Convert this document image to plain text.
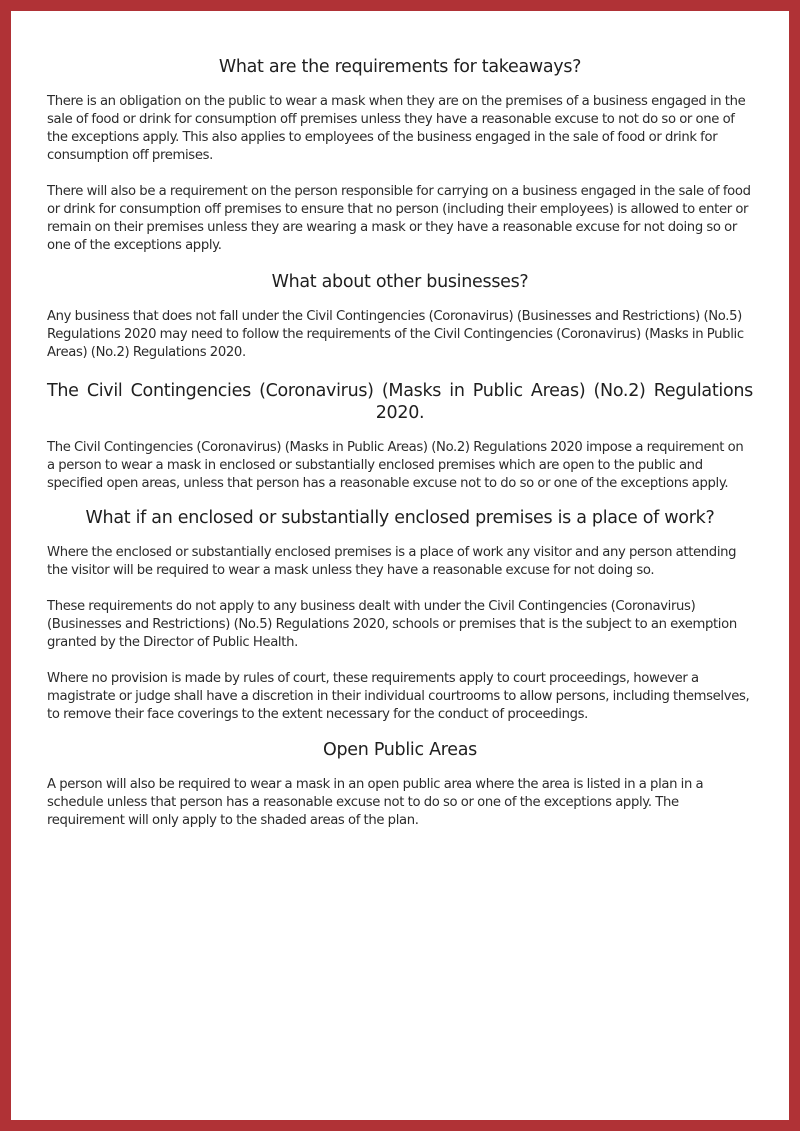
What are the requirements for takeaways?

There is an obligation on the public to wear a mask when they are on the premises of a business engaged in the sale of food or drink for consumption off premises unless they have a reasonable excuse to not do so or one of the exceptions apply. This also applies to employees of the business engaged in the sale of food or drink for consumption off premises.

There will also be a requirement on the person responsible for carrying on a business engaged in the sale of food or drink for consumption off premises to ensure that no person (including their employees) is allowed to enter or remain on their premises unless they are wearing a mask or they have a reasonable excuse for not doing so or one of the exceptions apply.

What about other businesses?

Any business that does not fall under the Civil Contingencies (Coronavirus) (Businesses and Restrictions) (No.5) Regulations 2020 may need to follow the requirements of the Civil Contingencies (Coronavirus) (Masks in Public Areas) (No.2) Regulations 2020.

The Civil Contingencies (Coronavirus) (Masks in Public Areas) (No.2) Regulations 2020.

The Civil Contingencies (Coronavirus) (Masks in Public Areas) (No.2) Regulations 2020 impose a requirement on a person to wear a mask in enclosed or substantially enclosed premises which are open to the public and specified open areas, unless that person has a reasonable excuse not to do so or one of the exceptions apply.

What if an enclosed or substantially enclosed premises is a place of work?

Where the enclosed or substantially enclosed premises is a place of work any visitor and any person attending the visitor will be required to wear a mask unless they have a reasonable excuse for not doing so.

These requirements do not apply to any business dealt with under the Civil Contingencies (Coronavirus) (Businesses and Restrictions) (No.5) Regulations 2020, schools or premises that is the subject to an exemption granted by the Director of Public Health.

Where no provision is made by rules of court, these requirements apply to court proceedings, however a magistrate or judge shall have a discretion in their individual courtrooms to allow persons, including themselves, to remove their face coverings to the extent necessary for the conduct of proceedings.

Open Public Areas

A person will also be required to wear a mask in an open public area where the area is listed in a plan in a schedule unless that person has a reasonable excuse not to do so or one of the exceptions apply. The requirement will only apply to the shaded areas of the plan.
